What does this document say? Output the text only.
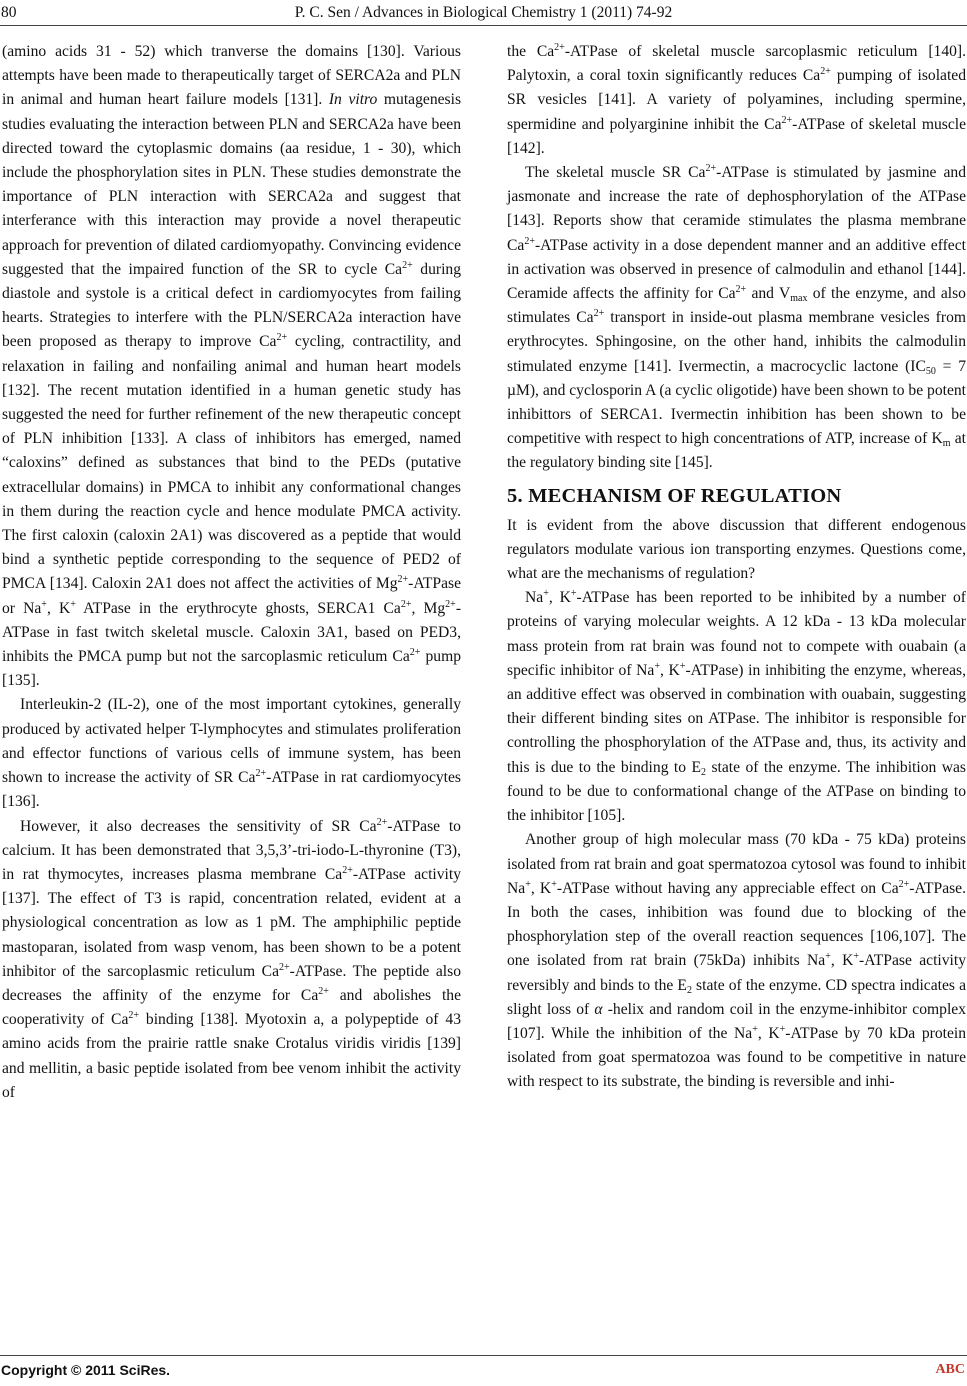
80	P. C. Sen / Advances in Biological Chemistry 1 (2011) 74-92

(amino acids 31 - 52) which tranverse the domains [130]. Various attempts have been made to therapeutically target of SERCA2a and PLN in animal and human heart failure models [131]. In vitro mutagenesis studies evaluating the interaction between PLN and SERCA2a have been directed toward the cytoplasmic domains (aa residue, 1 - 30), which include the phosphorylation sites in PLN. These studies demonstrate the importance of PLN interaction with SERCA2a and suggest that interferance with this interaction may provide a novel therapeutic approach for prevention of dilated cardiomyopathy. Convincing evidence suggested that the impaired function of the SR to cycle $Ca^{2+}$ during diastole and systole is a critical defect in cardiomyocytes from failing hearts. Strategies to interfere with the PLN/SERCA2a interaction have been proposed as therapy to improve $Ca^{2+}$ cycling, contractility, and relaxation in failing and nonfailing animal and human heart models [132]. The recent mutation identified in a human genetic study has suggested the need for further refinement of the new therapeutic concept of PLN inhibition [133]. A class of inhibitors has emerged, named “caloxins” defined as substances that bind to the PEDs (putative extracellular domains) in PMCA to inhibit any conformational changes in them during the reaction cycle and hence modulate PMCA activity. The first caloxin (caloxin 2A1) was discovered as a peptide that would bind a synthetic peptide corresponding to the sequence of PED2 of PMCA [134]. Caloxin 2A1 does not affect the activities of $Mg^{2+}$-ATPase or Na+, K+ ATPase in the erythrocyte ghosts, SERCA1 $Ca^{2+}$, $Mg^{2+}$-ATPase in fast twitch skeletal muscle. Caloxin 3A1, based on PED3, inhibits the PMCA pump but not the sarcoplasmic reticulum $Ca^{2+}$ pump [135].

Interleukin-2 (IL-2), one of the most important cytokines, generally produced by activated helper T-lymphocytes and stimulates proliferation and effector functions of various cells of immune system, has been shown to increase the activity of SR $Ca^{2+}$-ATPase in rat cardiomyocytes [136].

However, it also decreases the sensitivity of SR $Ca^{2+}$-ATPase to calcium. It has been demonstrated that 3,5,3’-tri-iodo-L-thyronine (T3), in rat thymocytes, increases plasma membrane $Ca^{2+}$-ATPase activity [137]. The effect of T3 is rapid, concentration related, evident at a physiological concentration as low as 1 pM. The amphiphilic peptide mastoparan, isolated from wasp venom, has been shown to be a potent inhibitor of the sarcoplasmic reticulum $Ca^{2+}$-ATPase. The peptide also decreases the affinity of the enzyme for $Ca^{2+}$ and abolishes the cooperativity of $Ca^{2+}$ binding [138]. Myotoxin a, a polypeptide of 43 amino acids from the prairie rattle snake Crotalus viridis viridis [139] and mellitin, a basic peptide isolated from bee venom inhibit the activity of

the $Ca^{2+}$-ATPase of skeletal muscle sarcoplasmic reticulum [140]. Palytoxin, a coral toxin significantly reduces $Ca^{2+}$ pumping of isolated SR vesicles [141]. A variety of polyamines, including spermine, spermidine and polyarginine inhibit the $Ca^{2+}$-ATPase of skeletal muscle [142].

The skeletal muscle SR $Ca^{2+}$-ATPase is stimulated by jasmine and jasmonate and increase the rate of dephosphorylation of the ATPase [143]. Reports show that ceramide stimulates the plasma membrane $Ca^{2+}$-ATPase activity in a dose dependent manner and an additive effect in activation was observed in presence of calmodulin and ethanol [144]. Ceramide affects the affinity for $Ca^{2+}$ and $V_{max}$ of the enzyme, and also stimulates $Ca^{2+}$ transport in inside-out plasma membrane vesicles from erythrocytes. Sphingosine, on the other hand, inhibits the calmodulin stimulated enzyme [141]. Ivermectin, a macrocyclic lactone ($IC_{50} = 7$ µM), and cyclosporin A (a cyclic oligotide) have been shown to be potent inhibittors of SERCA1. Ivermectin inhibition has been shown to be competitive with respect to high concentrations of ATP, increase of $K_m$ at the regulatory binding site [145].

5. MECHANISM OF REGULATION

It is evident from the above discussion that different endogenous regulators modulate various ion transporting enzymes. Questions come, what are the mechanisms of regulation?

Na+, K+-ATPase has been reported to be inhibited by a number of proteins of varying molecular weights. A 12 kDa - 13 kDa molecular mass protein from rat brain was found not to compete with ouabain (a specific inhibitor of Na+, K+-ATPase) in inhibiting the enzyme, whereas, an additive effect was observed in combination with ouabain, suggesting their different binding sites on ATPase. The inhibitor is responsible for controlling the phosphorylation of the ATPase and, thus, its activity and this is due to the binding to $E_2$ state of the enzyme. The inhibition was found to be due to conformational change of the ATPase on binding to the inhibitor [105].

Another group of high molecular mass (70 kDa - 75 kDa) proteins isolated from rat brain and goat spermatozoa cytosol was found to inhibit Na+, K+-ATPase without having any appreciable effect on $Ca^{2+}$-ATPase. In both the cases, inhibition was found due to blocking of the phosphorylation step of the overall reaction sequences [106,107]. The one isolated from rat brain (75kDa) inhibits Na+, K+-ATPase activity reversibly and binds to the $E_2$ state of the enzyme. CD spectra indicates a slight loss of α -helix and random coil in the enzyme-inhibitor complex [107]. While the inhibition of the Na+, K+-ATPase by 70 kDa protein isolated from goat spermatozoa was found to be competitive in nature with respect to its substrate, the binding is reversible and inhi-

Copyright © 2011 SciRes.	ABC
